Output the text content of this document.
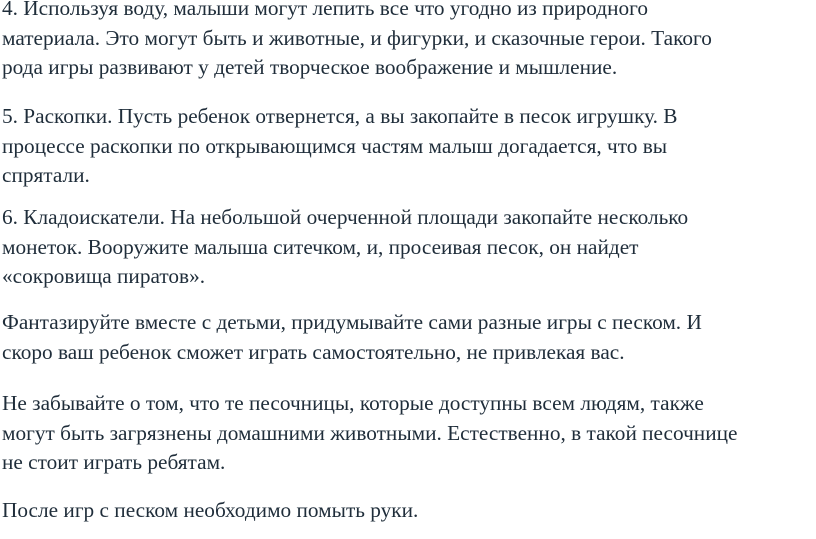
4. Используя воду, малыши могут лепить все что угодно из природного
материала. Это могут быть и животные, и фигурки, и сказочные герои. Такого
рода игры развивают у детей творческое воображение и мышление.
5. Раскопки. Пусть ребенок отвернется, а вы закопайте в песок игрушку. В
процессе раскопки по открывающимся частям малыш догадается, что вы
спрятали.
6. Кладоискатели. На небольшой очерченной площади закопайте несколько
монеток. Вооружите малыша ситечком, и, просеивая песок, он найдет
«сокровища пиратов».
Фантазируйте вместе с детьми, придумывайте сами разные игры с песком. И
скоро ваш ребенок сможет играть самостоятельно, не привлекая вас.
Не забывайте о том, что те песочницы, которые доступны всем людям, также
могут быть загрязнены домашними животными. Естественно, в такой песочнице
не стоит играть ребятам.
После игр с песком необходимо помыть руки.
